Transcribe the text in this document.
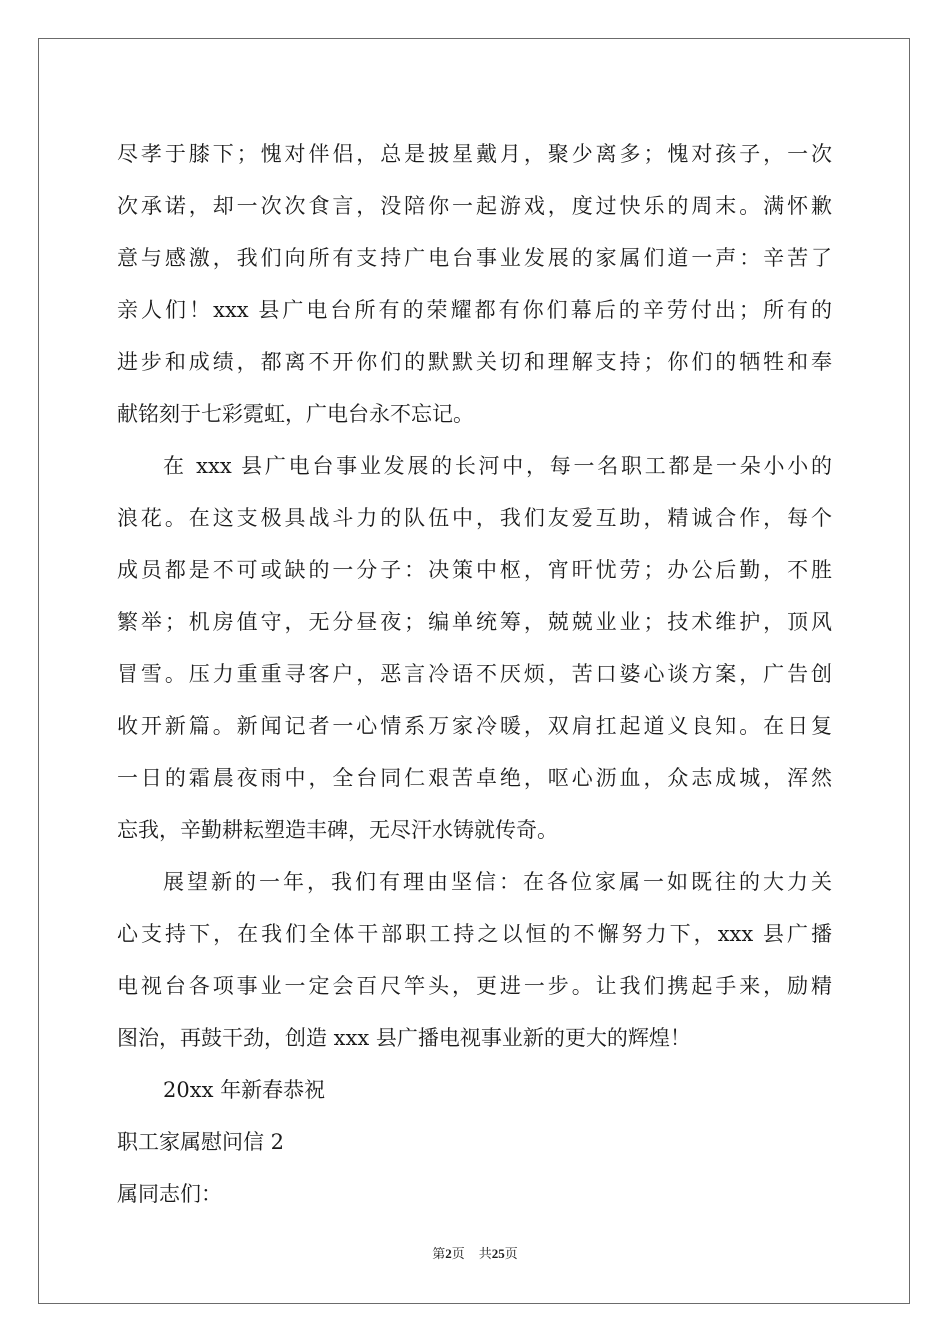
尽孝于膝下；愧对伴侣，总是披星戴月，聚少离多；愧对孩子，一次
次承诺，却一次次食言，没陪你一起游戏，度过快乐的周末。满怀歉
意与感激，我们向所有支持广电台事业发展的家属们道一声：辛苦了
亲人们！xxx 县广电台所有的荣耀都有你们幕后的辛劳付出；所有的
进步和成绩，都离不开你们的默默关切和理解支持；你们的牺牲和奉
献铭刻于七彩霓虹，广电台永不忘记。
在 xxx 县广电台事业发展的长河中，每一名职工都是一朵小小的
浪花。在这支极具战斗力的队伍中，我们友爱互助，精诚合作，每个
成员都是不可或缺的一分子：决策中枢，宵旰忧劳；办公后勤，不胜
繁举；机房值守，无分昼夜；编单统筹，兢兢业业；技术维护，顶风
冒雪。压力重重寻客户，恶言冷语不厌烦，苦口婆心谈方案，广告创
收开新篇。新闻记者一心情系万家冷暖，双肩扛起道义良知。在日复
一日的霜晨夜雨中，全台同仁艰苦卓绝，呕心沥血，众志成城，浑然
忘我，辛勤耕耘塑造丰碑，无尽汗水铸就传奇。
展望新的一年，我们有理由坚信：在各位家属一如既往的大力关
心支持下，在我们全体干部职工持之以恒的不懈努力下，xxx 县广播
电视台各项事业一定会百尺竿头，更进一步。让我们携起手来，励精
图治，再鼓干劲，创造 xxx 县广播电视事业新的更大的辉煌！
20xx 年新春恭祝
职工家属慰问信 2
属同志们：
第2页 共25页
